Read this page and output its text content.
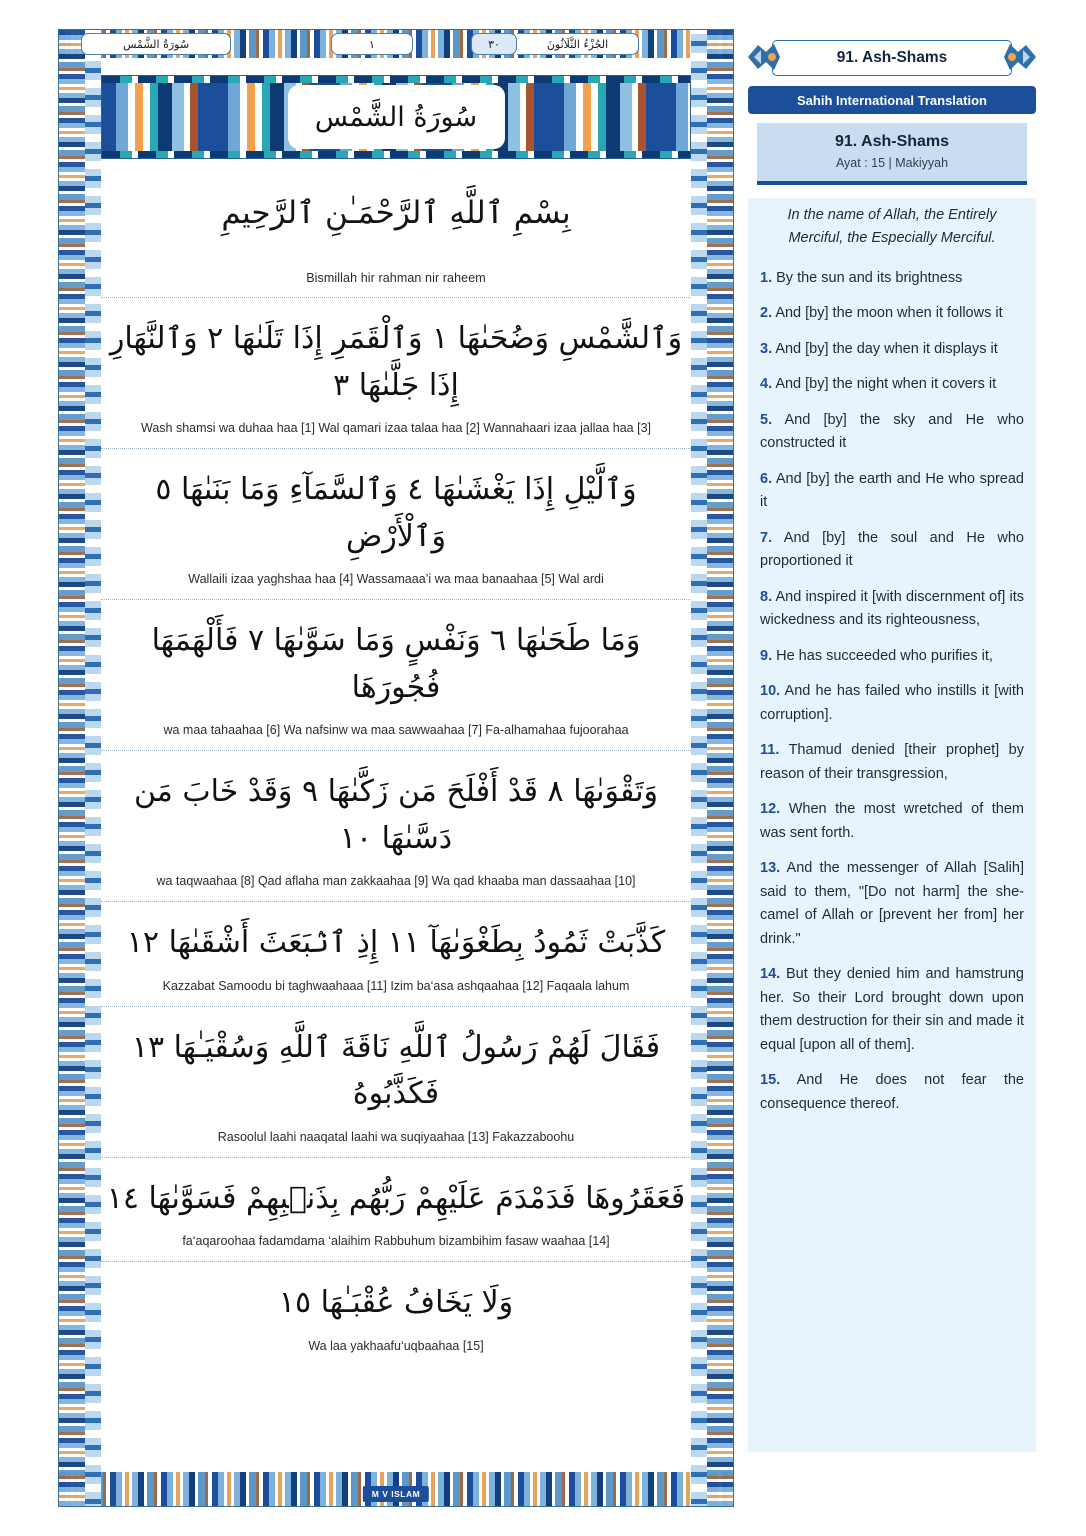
سُورَةُ الشَّمْس	١	٣٠	الجُزْءُ الثَّلَاثُونَ
سُورَةُ الشَّمْس
بِسْمِ ٱللَّهِ ٱلرَّحْمَـٰنِ ٱلرَّحِيمِ
Bismillah hir rahman nir raheem
وَٱلشَّمْسِ وَضُحَىٰهَا ١ وَٱلْقَمَرِ إِذَا تَلَىٰهَا ٢ وَٱلنَّهَارِ إِذَا جَلَّىٰهَا ٣
Wash shamsi wa duhaa haa [1] Wal qamari izaa talaa haa [2] Wannahaari izaa jallaa haa [3]
وَٱلَّيْلِ إِذَا يَغْشَىٰهَا ٤ وَٱلسَّمَآءِ وَمَا بَنَىٰهَا ٥ وَٱلْأَرْضِ
Wallaili izaa yaghshaa haa [4] Wassamaaa’i wa maa banaahaa [5] Wal ardi
وَمَا طَحَىٰهَا ٦ وَنَفْسٍ وَمَا سَوَّىٰهَا ٧ فَأَلْهَمَهَا فُجُورَهَا
wa maa tahaahaa [6] Wa nafsinw wa maa sawwaahaa [7] Fa-alhamahaa fujoorahaa
وَتَقْوَىٰهَا ٨ قَدْ أَفْلَحَ مَن زَكَّىٰهَا ٩ وَقَدْ خَابَ مَن دَسَّىٰهَا ١٠
wa taqwaahaa [8] Qad aflaha man zakkaahaa [9] Wa qad khaaba man dassaahaa [10]
كَذَّبَتْ ثَمُودُ بِطَغْوَىٰهَآ ١١ إِذِ ٱنۢبَعَثَ أَشْقَىٰهَا ١٢
Kazzabat Samoodu bi taghwaahaaa [11] Izim ba‘asa ashqaahaa [12] Faqaala lahum
فَقَالَ لَهُمْ رَسُولُ ٱللَّهِ نَاقَةَ ٱللَّهِ وَسُقْيَـٰهَا ١٣ فَكَذَّبُوهُ
Rasoolul laahi naaqatal laahi wa suqiyaahaa [13] Fakazzaboohu
فَعَقَرُوهَا فَدَمْدَمَ عَلَيْهِمْ رَبُّهُم بِذَنۢبِهِمْ فَسَوَّىٰهَا ١٤
fa‘aqaroohaa fadamdama ‘alaihim Rabbuhum bizambihim fasaw waahaa [14]
وَلَا يَخَافُ عُقْبَـٰهَا ١٥
Wa laa yakhaafu‘uqbaahaa [15]
M V ISLAM
91. Ash-Shams
Sahih International Translation
91. Ash-Shams
Ayat : 15 | Makiyyah
In the name of Allah, the Entirely Merciful, the Especially Merciful.
1. By the sun and its brightness
2. And [by] the moon when it follows it
3. And [by] the day when it displays it
4. And [by] the night when it covers it
5. And [by] the sky and He who constructed it
6. And [by] the earth and He who spread it
7. And [by] the soul and He who proportioned it
8. And inspired it [with discernment of] its wickedness and its righteousness,
9. He has succeeded who purifies it,
10. And he has failed who instills it [with corruption].
11. Thamud denied [their prophet] by reason of their transgression,
12. When the most wretched of them was sent forth.
13. And the messenger of Allah [Salih] said to them, "[Do not harm] the she-camel of Allah or [prevent her from] her drink."
14. But they denied him and hamstrung her. So their Lord brought down upon them destruction for their sin and made it equal [upon all of them].
15. And He does not fear the consequence thereof.
